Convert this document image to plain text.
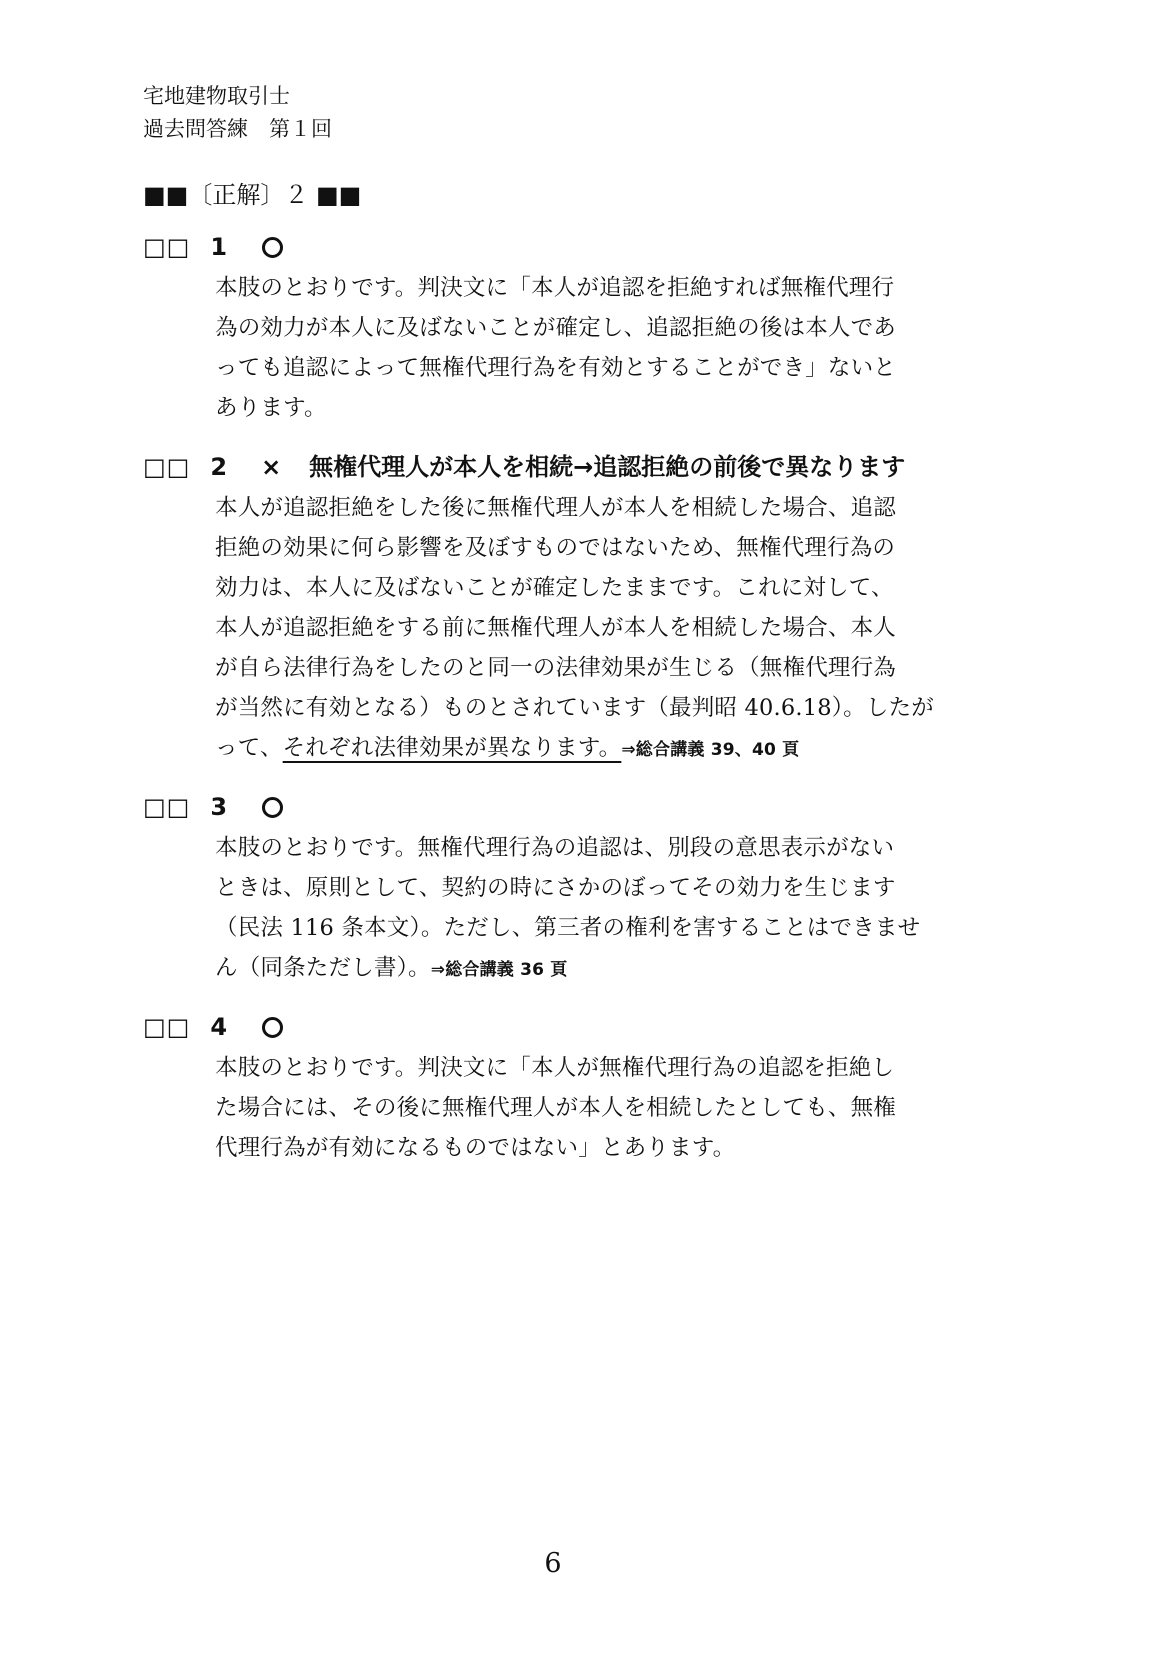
宅地建物取引士
過去問答練　第１回
■■〔正解〕２ ■■
□□ 1
本肢のとおりです。判決文に「本人が追認を拒絶すれば無権代理行
為の効力が本人に及ばないことが確定し、追認拒絶の後は本人であ
っても追認によって無権代理行為を有効とすることができ」ないと
あります。
□□ 2 × 無権代理人が本人を相続→追認拒絶の前後で異なります
本人が追認拒絶をした後に無権代理人が本人を相続した場合、追認
拒絶の効果に何ら影響を及ぼすものではないため、無権代理行為の
効力は、本人に及ばないことが確定したままです。これに対して、
本人が追認拒絶をする前に無権代理人が本人を相続した場合、本人
が自ら法律行為をしたのと同一の法律効果が生じる（無権代理行為
が当然に有効となる）ものとされています（最判昭 40.6.18）。したが
って、それぞれ法律効果が異なります。⇒総合講義 39、40 頁
□□ 3
本肢のとおりです。無権代理行為の追認は、別段の意思表示がない
ときは、原則として、契約の時にさかのぼってその効力を生じます
（民法 116 条本文）。ただし、第三者の権利を害することはできませ
ん（同条ただし書）。⇒総合講義 36 頁
□□ 4
本肢のとおりです。判決文に「本人が無権代理行為の追認を拒絶し
た場合には、その後に無権代理人が本人を相続したとしても、無権
代理行為が有効になるものではない」とあります。
6
